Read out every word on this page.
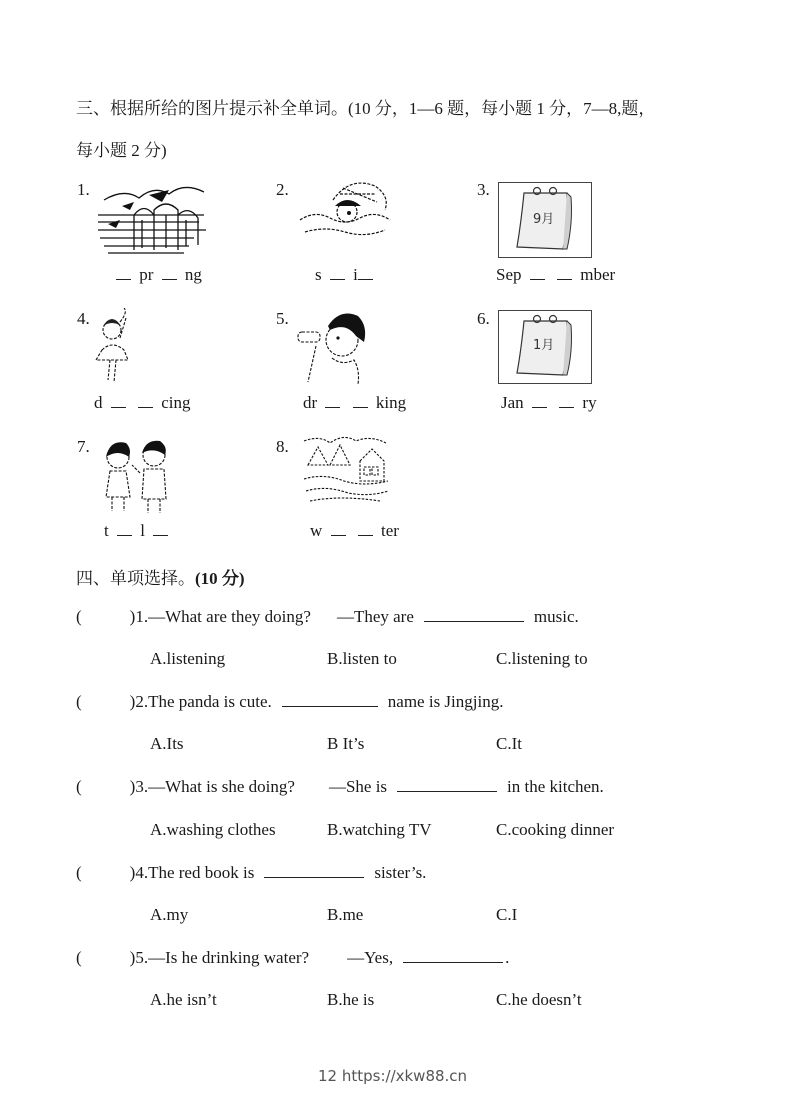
三、根据所给的图片提示补全单词。(10 分，1—6 题，每小题 1 分，7—8,题，
每小题 2 分)
1.
pr ng
2.
s i
3.
9月
Sep	mber
4.
d	cing
5.
dr	king
6.
1月
Jan	ry
7.
t l
8.
w	ter
四、单项选择。(10 分)
(	)1.—What are they doing? —They are	music.
A.listening	B.listen to	C.listening to
(	)2.The panda is cute.	name is Jingjing.
A.Its	B It’s	C.It
(	)3.—What is she doing? —She is	in the kitchen.
A.washing clothes	B.watching TV	C.cooking dinner
(	)4.The red book is	sister’s.
A.my	B.me	C.I
(	)5.—Is he drinking water? —Yes,	.
A.he isn’t	B.he is	C.he doesn’t
12 https://xkw88.cn
